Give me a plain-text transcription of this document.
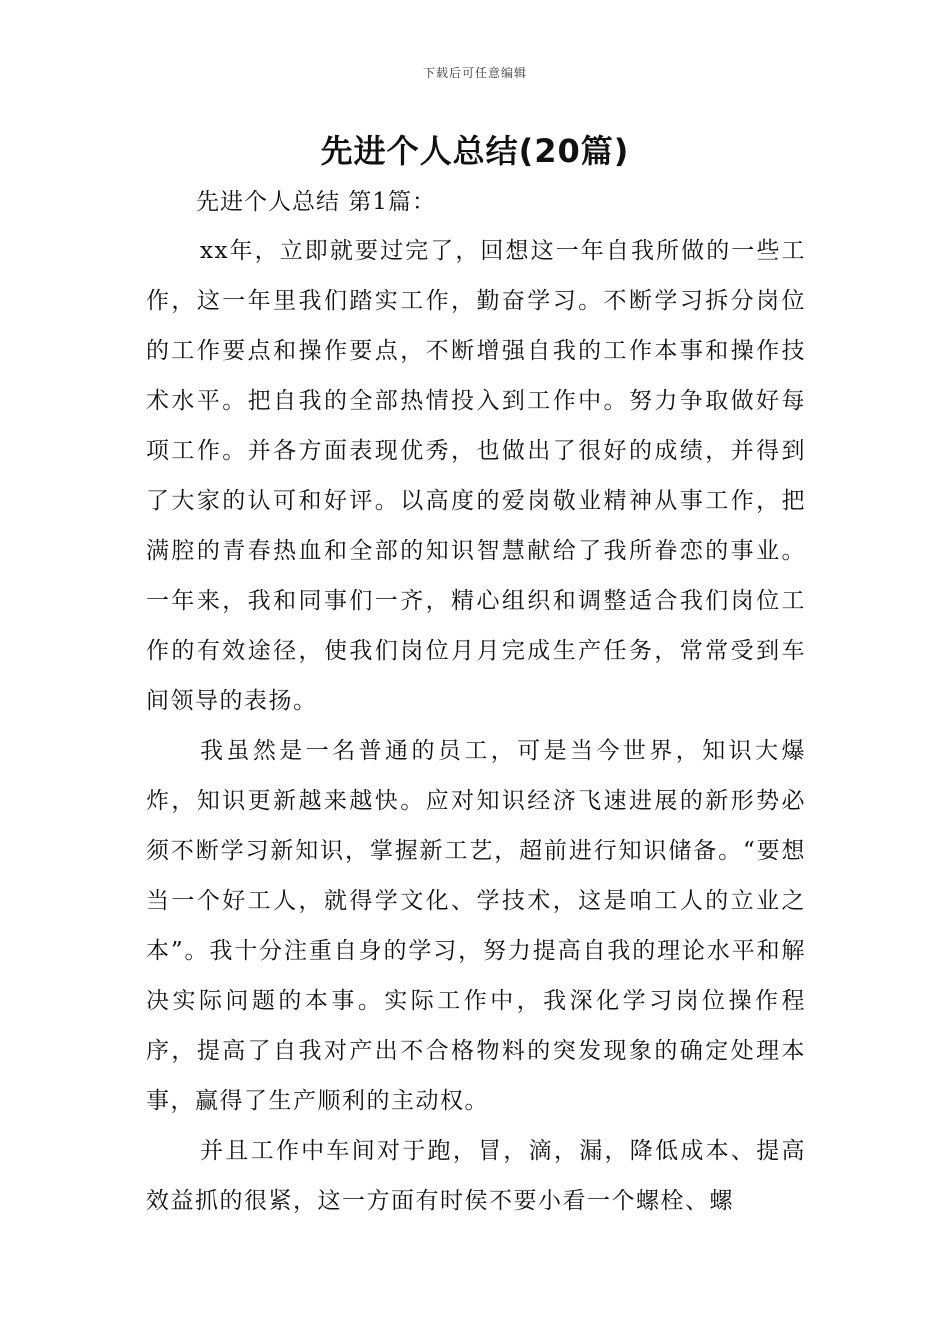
下载后可任意编辑
先进个人总结(20篇)
先进个人总结 第1篇：

xx年，立即就要过完了，回想这一年自我所做的一些工作，这一年里我们踏实工作，勤奋学习。不断学习拆分岗位的工作要点和操作要点，不断增强自我的工作本事和操作技术水平。把自我的全部热情投入到工作中。努力争取做好每项工作。并各方面表现优秀，也做出了很好的成绩，并得到了大家的认可和好评。以高度的爱岗敬业精神从事工作，把满腔的青春热血和全部的知识智慧献给了我所眷恋的事业。一年来，我和同事们一齐，精心组织和调整适合我们岗位工作的有效途径，使我们岗位月月完成生产任务，常常受到车间领导的表扬。

我虽然是一名普通的员工，可是当今世界，知识大爆炸，知识更新越来越快。应对知识经济飞速进展的新形势必须不断学习新知识，掌握新工艺，超前进行知识储备。“要想当一个好工人，就得学文化、学技术，这是咱工人的立业之本”。我十分注重自身的学习，努力提高自我的理论水平和解决实际问题的本事。实际工作中，我深化学习岗位操作程序，提高了自我对产出不合格物料的突发现象的确定处理本事，赢得了生产顺利的主动权。

并且工作中车间对于跑，冒，滴，漏，降低成本、提高效益抓的很紧，这一方面有时侯不要小看一个螺栓、螺
